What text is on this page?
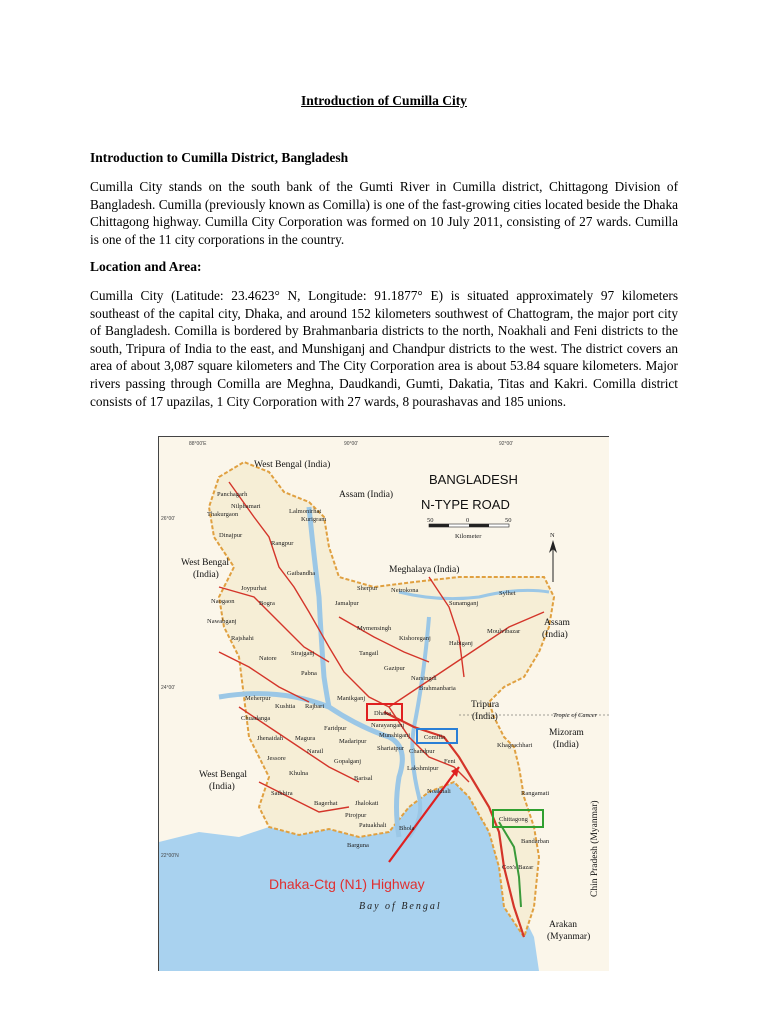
Introduction of Cumilla City
Introduction to Cumilla District, Bangladesh
Cumilla City stands on the south bank of the Gumti River in Cumilla district, Chittagong Division of Bangladesh. Cumilla (previously known as Comilla) is one of the fast-growing cities located beside the Dhaka Chittagong highway. Cumilla City Corporation was formed on 10 July 2011, consisting of 27 wards. Cumilla is one of the 11 city corporations in the country.
Location and Area:
Cumilla City (Latitude: 23.4623° N, Longitude: 91.1877° E) is situated approximately 97 kilometers southeast of the capital city, Dhaka, and around 152 kilometers southwest of Chattogram, the major port city of Bangladesh. Comilla is bordered by Brahmanbaria districts to the north, Noakhali and Feni districts to the south, Tripura of India to the east, and Munshiganj and Chandpur districts to the west. The district covers an area of about 3,087 square kilometers and The City Corporation area is about 53.84 square kilometers. Major rivers passing through Comilla are Meghna, Daudkandi, Gumti, Dakatia, Titas and Kakri. Comilla district consists of 17 upazilas, 1 City Corporation with 27 wards, 8 pourashavas and 185 unions.
88°00'E	90°00'	92°00'
26°00'
24°00'
22°00'N
BANGLADESH
N-TYPE ROAD
50	0	50
Kilometer	N
West Bengal (India)
Assam (India)
West Bengal
(India)	Meghalaya (India)
Assam
(India)
Tripura
(India)
Mizoram
(India)
West Bengal
(India)
Chin Pradesh (Myanmar)
Arakan
(Myanmar)
Tropic of Cancer
Panchagarh
Nilphamari
Thakurgaon	Lalmonirhat
Kurigram
Dinajpur
Rangpur
Gaibandha
Joypurhat
Naogaon	Bogra
Nawabganj
Rajshahi
Natore
Sirajganj
Pabna
Jamalpur
Sherpur Netrokona
Sunamganj
Sylhet
Mymensingh
Kishoreganj
Habiganj
Moulvibazar
Tangail
Gazipur
Narsingdi
Brahmanbaria
Manikganj
Dhaka
Narayanganj
Meherpur
Kushtia Rajbari
Chuadanga
Faridpur
Munshiganj Comilla
Jhenaidah Magura	Madaripur
Shariatpur Chandpur
Narail
Jessore	Gopalganj
Khulna
Barisal
Lakshmipur
Feni
Noakhali
Satkhira
Bagerhat	Jhalokati
Pirojpur
Patuakhali Bhola
Barguna
Khagrachhari
Rangamati
Chittagong
Bandarban
Cox's Bazar
Dhaka-Ctg (N1) Highway
Bay of Bengal
